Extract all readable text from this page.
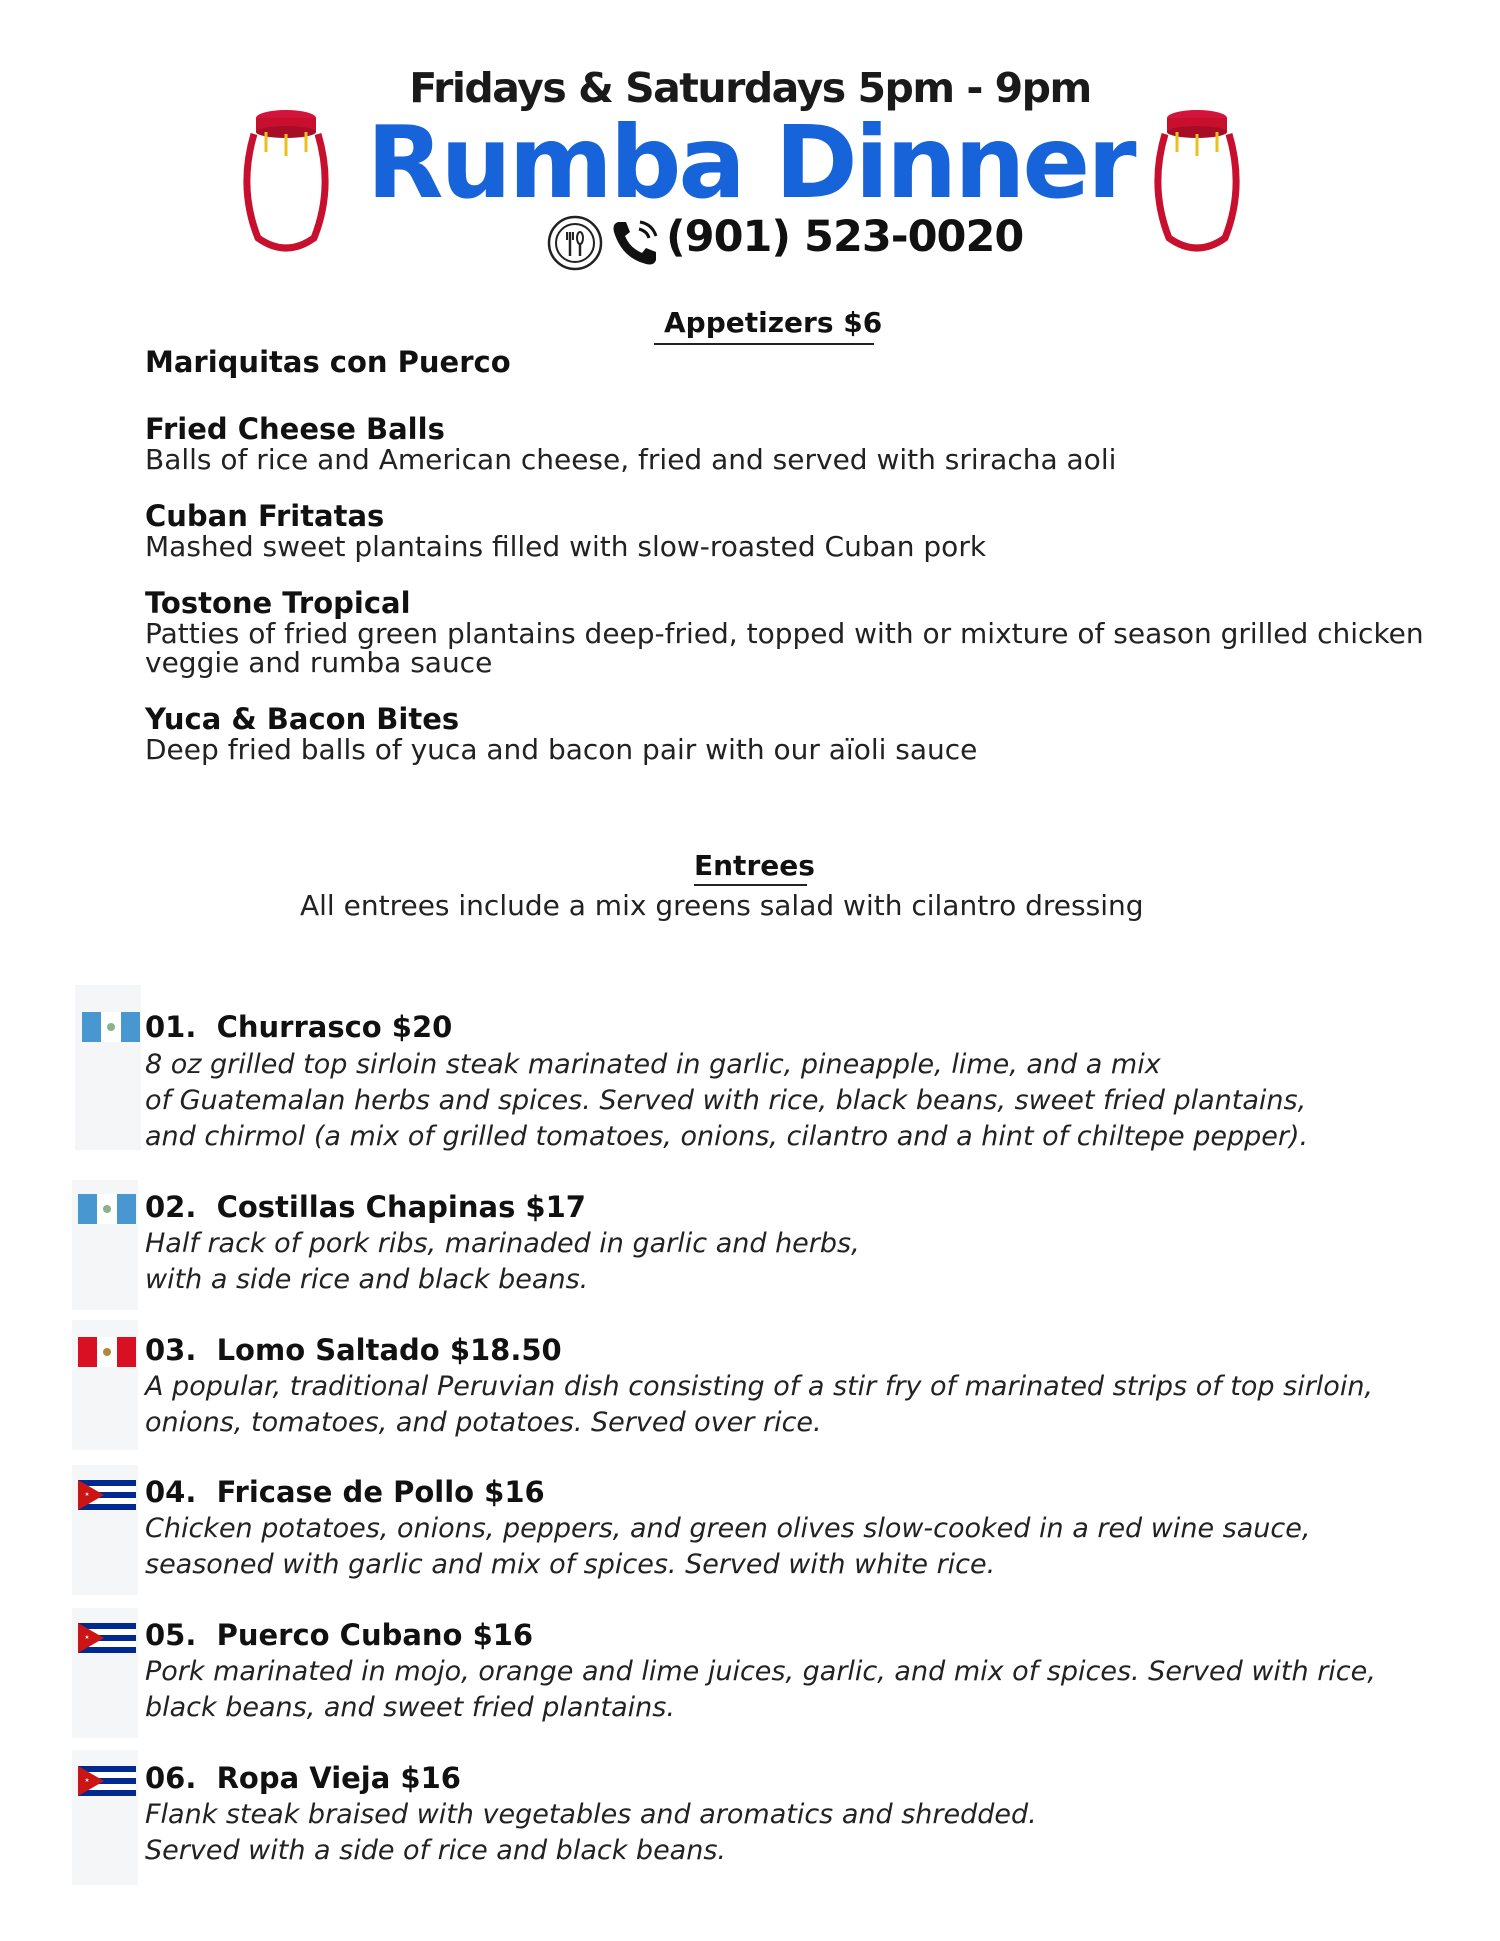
Fridays & Saturdays 5pm - 9pm
Rumba Dinner
(901) 523-0020
Appetizers $6
Mariquitas con Puerco
Fried Cheese Balls
Balls of rice and American cheese, fried and served with sriracha aoli
Cuban Fritatas
Mashed sweet plantains filled with slow-roasted Cuban pork
Tostone Tropical
Patties of fried green plantains deep-fried, topped with or mixture of season grilled chicken
veggie and rumba sauce
Yuca & Bacon Bites
Deep fried balls of yuca and bacon pair with our aïoli sauce
Entrees
All entrees include a mix greens salad with cilantro dressing
01. Churrasco $20
8 oz grilled top sirloin steak marinated in garlic, pineapple, lime, and a mix
of Guatemalan herbs and spices. Served with rice, black beans, sweet fried plantains,
and chirmol (a mix of grilled tomatoes, onions, cilantro and a hint of chiltepe pepper).
02. Costillas Chapinas $17
Half rack of pork ribs, marinaded in garlic and herbs,
with a side rice and black beans.
03. Lomo Saltado $18.50
A popular, traditional Peruvian dish consisting of a stir fry of marinated strips of top sirloin,
onions, tomatoes, and potatoes. Served over rice.
04. Fricase de Pollo $16
Chicken potatoes, onions, peppers, and green olives slow-cooked in a red wine sauce,
seasoned with garlic and mix of spices. Served with white rice.
05. Puerco Cubano $16
Pork marinated in mojo, orange and lime juices, garlic, and mix of spices. Served with rice,
black beans, and sweet fried plantains.
06. Ropa Vieja $16
Flank steak braised with vegetables and aromatics and shredded.
Served with a side of rice and black beans.
